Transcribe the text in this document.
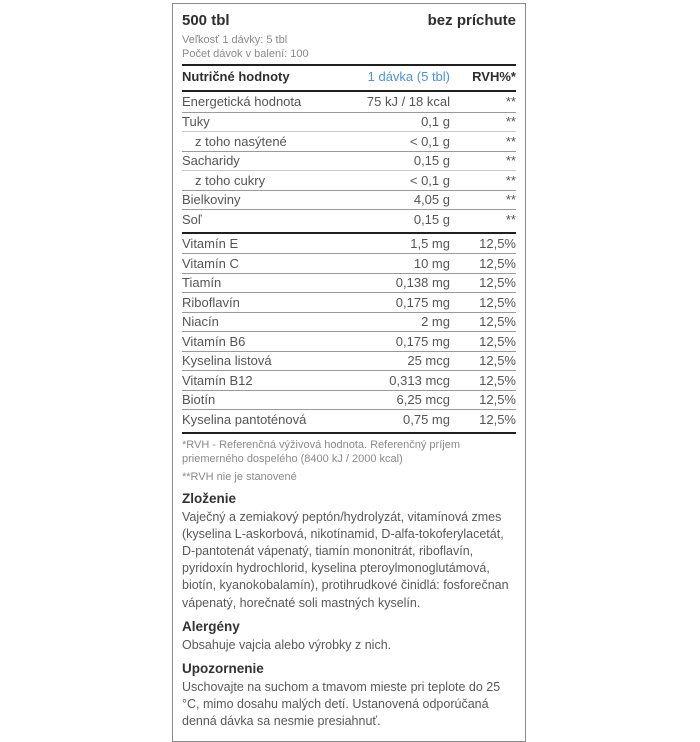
500 tbl	bez príchute
Veľkosť 1 dávky: 5 tbl
Počet dávok v balení: 100
Nutričné hodnoty	1 dávka (5 tbl)	RVH%*
Energetická hodnota	75 kJ / 18 kcal	**
Tuky	0,1 g	**
z toho nasýtené	< 0,1 g	**
Sacharidy	0,15 g	**
z toho cukry	< 0,1 g	**
Bielkoviny	4,05 g	**
Soľ	0,15 g	**
Vitamín E	1,5 mg	12,5%
Vitamín C	10 mg	12,5%
Tiamín	0,138 mg	12,5%
Riboflavín	0,175 mg	12,5%
Niacín	2 mg	12,5%
Vitamín B6	0,175 mg	12,5%
Kyselina listová	25 mcg	12,5%
Vitamín B12	0,313 mcg	12,5%
Biotín	6,25 mcg	12,5%
Kyselina pantoténová	0,75 mg	12,5%

*RVH - Referenčná výživová hodnota. Referenčný príjem priemerného dospelého (8400 kJ / 2000 kcal)

**RVH nie je stanovené

Zloženie

Vaječný a zemiakový peptón/hydrolyzát, vitamínová zmes (kyselina L-askorbová, nikotínamid, D-alfa-tokoferylacetát, D-pantotenát vápenatý, tiamín mononitrát, riboflavín, pyridoxín hydrochlorid, kyselina pteroylmonoglutámová, biotín, kyanokobalamín), protihrudkové činidlá: fosforečnan vápenatý, horečnaté soli mastných kyselín.

Alergény

Obsahuje vajcia alebo výrobky z nich.

Upozornenie

Uschovajte na suchom a tmavom mieste pri teplote do 25 °C, mimo dosahu malých detí. Ustanovená odporúčaná denná dávka sa nesmie presiahnuť.
